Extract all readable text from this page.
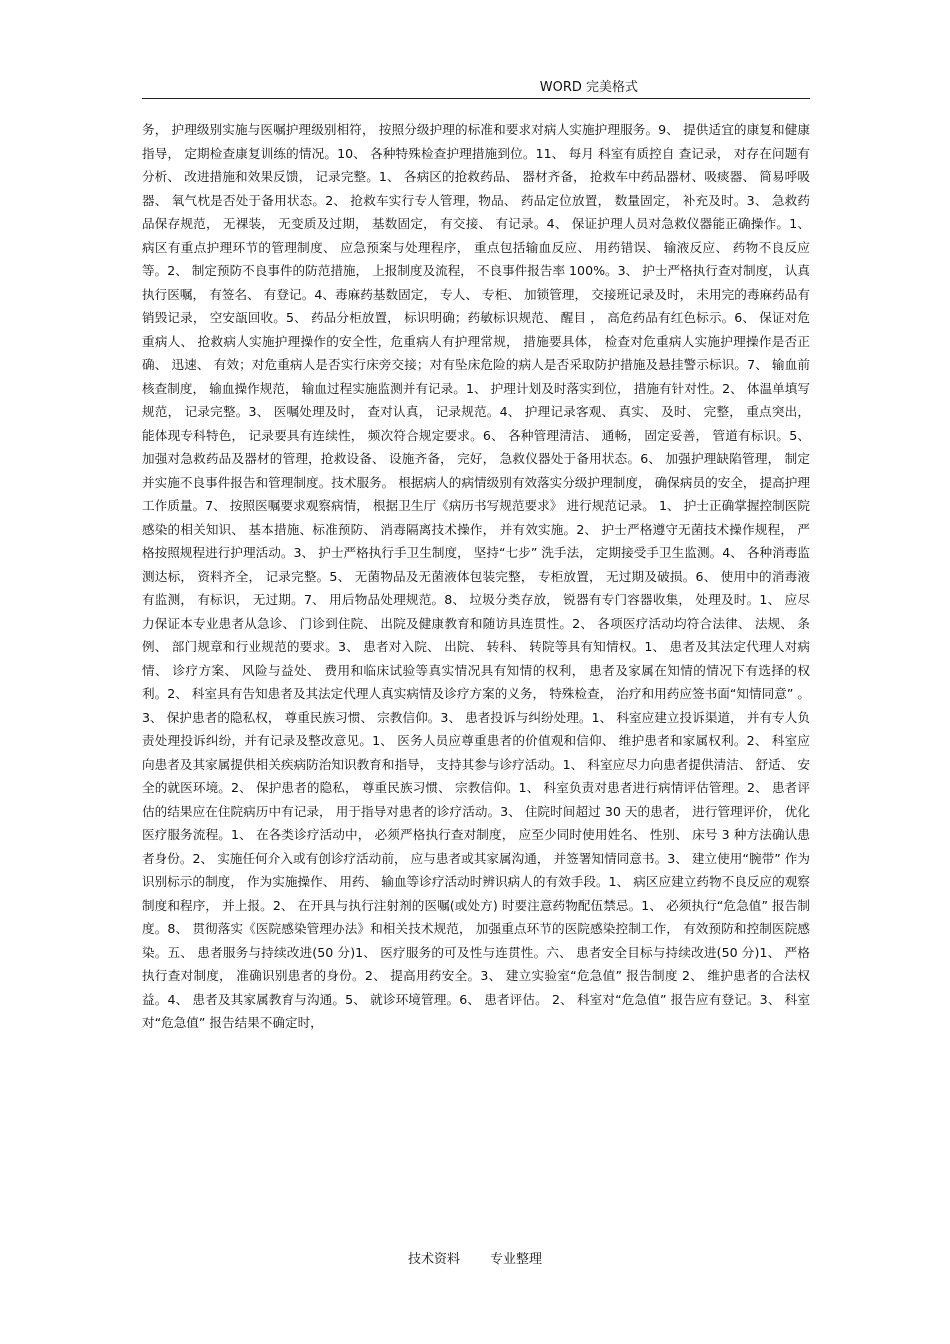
WORD 完美格式
务， 护理级别实施与医嘱护理级别相符， 按照分级护理的标准和要求对病人实施护理服务。9、 提供适宜的康复和健康指导， 定期检查康复训练的情况。10、 各种特殊检查护理措施到位。11、 每月 科室有质控自 查记录， 对存在问题有分析、 改进措施和效果反馈， 记录完整。1、 各病区的抢救药品、 器材齐备， 抢救车中药品器材、吸痰器、 简易呼吸器、 氧气枕是否处于备用状态。2、 抢救车实行专人管理，物品、 药品定位放置， 数量固定， 补充及时。3、 急救药品保存规范， 无裸装， 无变质及过期， 基数固定， 有交接、 有记录。4、 保证护理人员对急救仪器能正确操作。1、 病区有重点护理环节的管理制度、 应急预案与处理程序， 重点包括输血反应、 用药错误、 输液反应、 药物不良反应等。2、 制定预防不良事件的防范措施， 上报制度及流程， 不良事件报告率 100%。3、 护士严格执行查对制度， 认真执行医嘱， 有签名、 有登记。4、毒麻药基数固定， 专人、 专柜、 加锁管理， 交接班记录及时， 未用完的毒麻药品有销毁记录， 空安瓿回收。5、 药品分柜放置， 标识明确；药敏标识规范、 醒目 ， 高危药品有红色标示。6、 保证对危重病人、 抢救病人实施护理操作的安全性，危重病人有护理常规， 措施要具体， 检查对危重病人实施护理操作是否正确、 迅速、 有效；对危重病人是否实行床旁交接；对有坠床危险的病人是否采取防护措施及悬挂警示标识。7、 输血前核查制度， 输血操作规范， 输血过程实施监测并有记录。1、 护理计划及时落实到位， 措施有针对性。2、 体温单填写规范， 记录完整。3、 医嘱处理及时， 查对认真， 记录规范。4、 护理记录客观、 真实、 及时、 完整， 重点突出， 能体现专科特色， 记录要具有连续性， 频次符合规定要求。6、 各种管理清洁、 通畅， 固定妥善， 管道有标识。5、 加强对急救药品及器材的管理，抢救设备、 设施齐备， 完好， 急救仪器处于备用状态。6、 加强护理缺陷管理， 制定并实施不良事件报告和管理制度。技术服务。 根据病人的病情级别有效落实分级护理制度， 确保病员的安全， 提高护理工作质量。7、 按照医嘱要求观察病情， 根据卫生厅《病历书写规范要求》 进行规范记录。 1、 护士正确掌握控制医院感染的相关知识、 基本措施、标准预防、 消毒隔离技术操作， 并有效实施。2、 护士严格遵守无菌技术操作规程， 严格按照规程进行护理活动。3、 护士严格执行手卫生制度， 坚持“七步” 洗手法， 定期接受手卫生监测。4、 各种消毒监测达标， 资料齐全， 记录完整。5、 无菌物品及无菌液体包装完整， 专柜放置， 无过期及破损。6、 使用中的消毒液有监测， 有标识， 无过期。7、 用后物品处理规范。8、 垃圾分类存放， 锐器有专门容器收集， 处理及时。1、 应尽力保证本专业患者从急诊、 门诊到住院、 出院及健康教育和随访具连贯性。2、 各项医疗活动均符合法律、 法规、 条例、 部门规章和行业规范的要求。3、 患者对入院、 出院、 转科、 转院等具有知情权。1、 患者及其法定代理人对病情、 诊疗方案、 风险与益处、 费用和临床试验等真实情况具有知情的权利， 患者及家属在知情的情况下有选择的权利。2、 科室具有告知患者及其法定代理人真实病情及诊疗方案的义务， 特殊检查， 治疗和用药应签书面“知情同意” 。3、 保护患者的隐私权， 尊重民族习惯、 宗教信仰。3、 患者投诉与纠纷处理。1、 科室应建立投诉渠道， 并有专人负责处理投诉纠纷，并有记录及整改意见。1、 医务人员应尊重患者的价值观和信仰、 维护患者和家属权利。2、 科室应向患者及其家属提供相关疾病防治知识教育和指导， 支持其参与诊疗活动。1、 科室应尽力向患者提供清洁、 舒适、 安全的就医环境。2、 保护患者的隐私， 尊重民族习惯、 宗教信仰。1、 科室负责对患者进行病情评估管理。2、 患者评估的结果应在住院病历中有记录， 用于指导对患者的诊疗活动。3、 住院时间超过 30 天的患者， 进行管理评价， 优化医疗服务流程。1、 在各类诊疗活动中， 必须严格执行查对制度， 应至少同时使用姓名、 性别、 床号 3 种方法确认患者身份。2、 实施任何介入或有创诊疗活动前， 应与患者或其家属沟通， 并签署知情同意书。3、 建立使用“腕带” 作为识别标示的制度， 作为实施操作、 用药、 输血等诊疗活动时辨识病人的有效手段。1、 病区应建立药物不良反应的观察制度和程序， 并上报。2、 在开具与执行注射剂的医嘱(或处方) 时要注意药物配伍禁忌。1、 必须执行“危急值” 报告制度。8、 贯彻落实《医院感染管理办法》和相关技术规范， 加强重点环节的医院感染控制工作， 有效预防和控制医院感染。五、 患者服务与持续改进(50 分)1、 医疗服务的可及性与连贯性。六、 患者安全目标与持续改进(50 分)1、 严格执行查对制度， 准确识别患者的身份。2、 提高用药安全。3、 建立实验室“危急值” 报告制度 2、 维护患者的合法权益。4、 患者及其家属教育与沟通。5、 就诊环境管理。6、 患者评估。 2、 科室对“危急值” 报告应有登记。3、 科室对“危急值” 报告结果不确定时，
技术资料 专业整理
